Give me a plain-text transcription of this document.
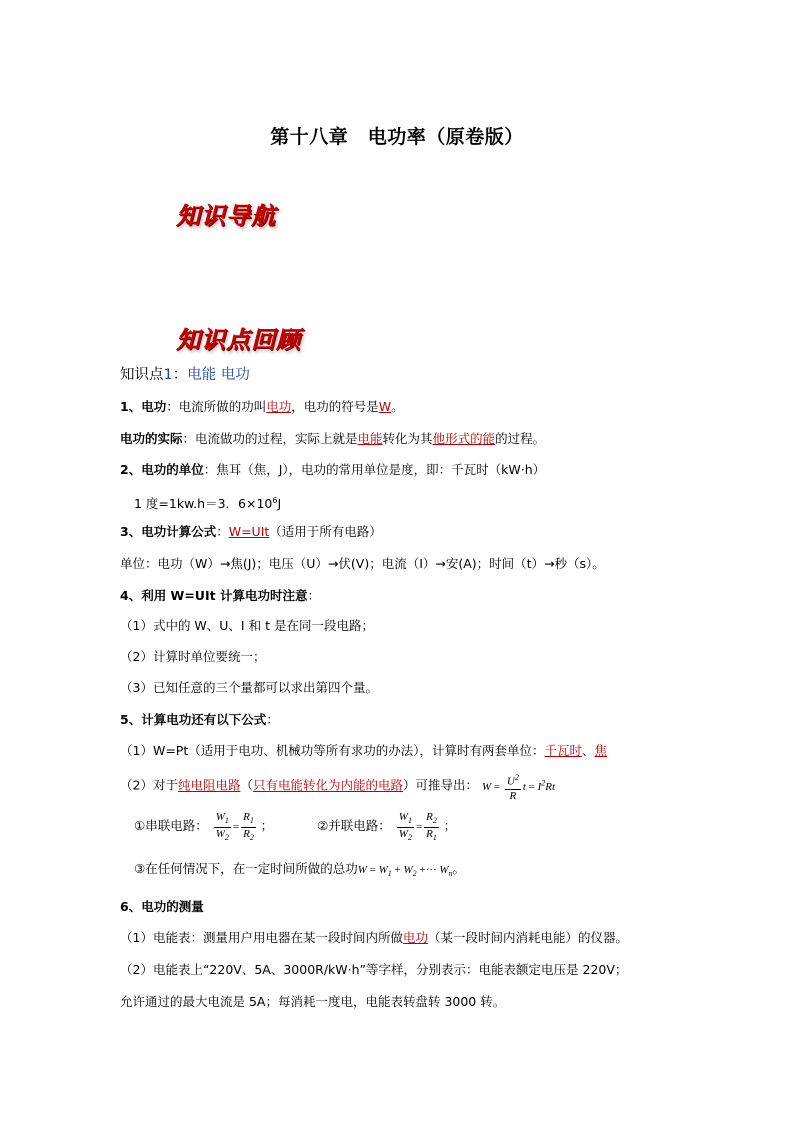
第十八章　电功率（原卷版）
知识导航
知识点回顾
知识点1：电能 电功
1、电功：电流所做的功叫电功，电功的符号是W。
电功的实际：电流做功的过程，实际上就是电能转化为其他形式的能的过程。
2、电功的单位：焦耳（焦，J），电功的常用单位是度，即：千瓦时（kW·h）
1 度=1kw.h＝3．$6\times 10^6J$
3、电功计算公式：W=UIt（适用于所有电路）
单位：电功（W）→焦(J)；电压（U）→伏(V)；电流（I）→安(A)；时间（t）→秒（s）。
4、利用 W=UIt 计算电功时注意：
（1）式中的 W、U、I 和 t 是在同一段电路；
（2）计算时单位要统一；
（3）已知任意的三个量都可以求出第四个量。
5、计算电功还有以下公式：
（1）W=Pt（适用于电功、机械功等所有求功的办法），计算时有两套单位：千瓦时、焦
（2）对于纯电阻电路（只有电能转化为内能的电路）可推导出： $W = \frac{U^2}{R}$ $t = I^2Rt$
①串联电路： $\frac{W_1}{W_2} = \frac{R_1}{R_2}$ ；	②并联电路： $\frac{W_1}{W_2} = \frac{R_2}{R_1}$ ；
③在任何情况下，在一定时间所做的总功$W = W_1 + W_2$ +··· $W_n$。
6、电功的测量
（1）电能表：测量用户用电器在某一段时间内所做电功（某一段时间内消耗电能）的仪器。
（2）电能表上“220V、5A、3000R/kW·h”等字样，分别表示：电能表额定电压是 220V；
允许通过的最大电流是 5A；每消耗一度电，电能表转盘转 3000 转。
